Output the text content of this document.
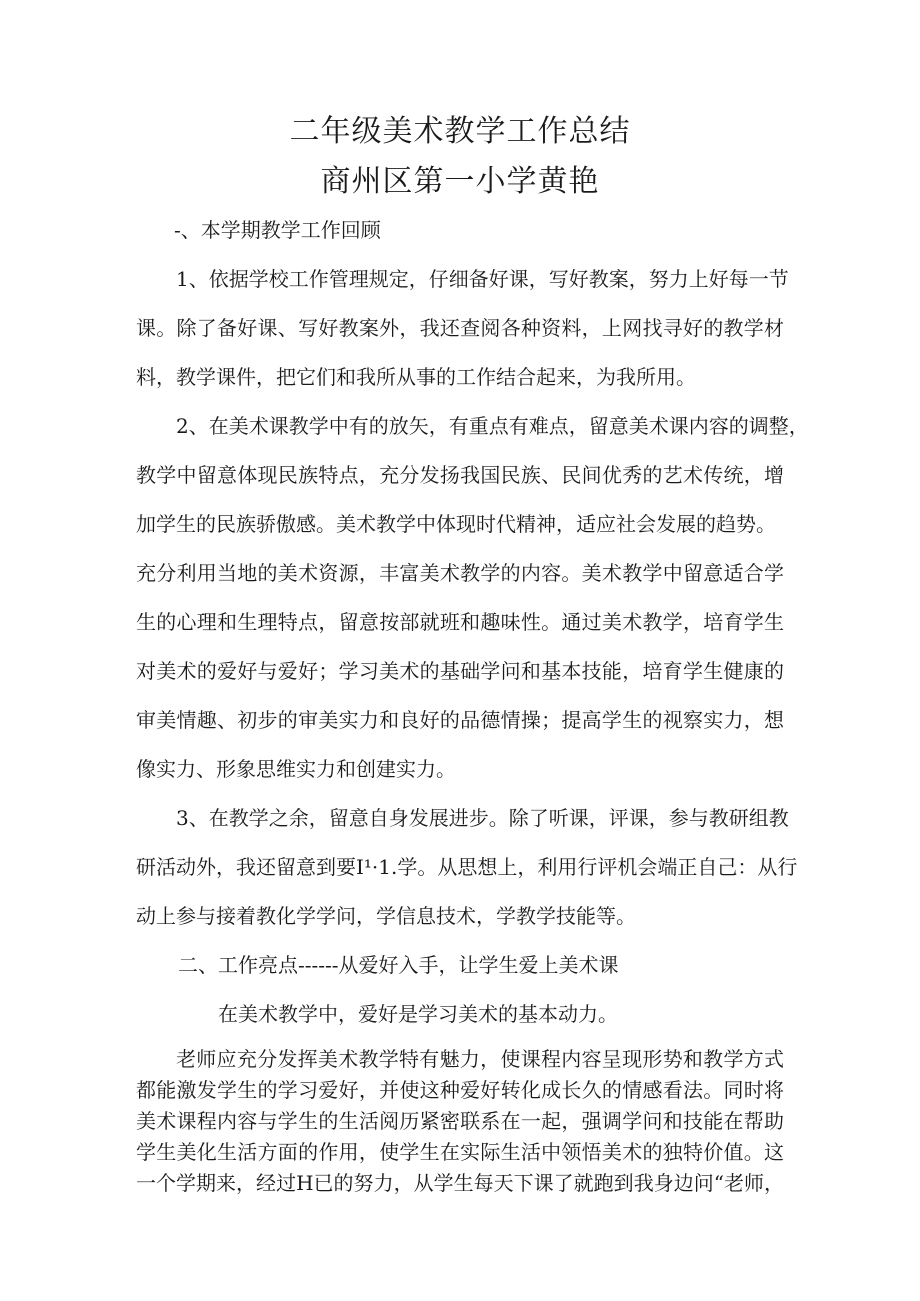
二年级美术教学工作总结
商州区第一小学黄艳
-、本学期教学工作回顾
1、依据学校工作管理规定，仔细备好课，写好教案，努力上好每一节
课。除了备好课、写好教案外，我还查阅各种资料，上网找寻好的教学材
料，教学课件，把它们和我所从事的工作结合起来，为我所用。
2、在美术课教学中有的放矢，有重点有难点，留意美术课内容的调整，
教学中留意体现民族特点，充分发扬我国民族、民间优秀的艺术传统，增
加学生的民族骄傲感。美术教学中体现时代精神，适应社会发展的趋势。
充分利用当地的美术资源，丰富美术教学的内容。美术教学中留意适合学
生的心理和生理特点，留意按部就班和趣味性。通过美术教学，培育学生
对美术的爱好与爱好；学习美术的基础学问和基本技能，培育学生健康的
审美情趣、初步的审美实力和良好的品德情操；提高学生的视察实力，想
像实力、形象思维实力和创建实力。
3、在教学之余，留意自身发展进步。除了听课，评课，参与教研组教
研活动外，我还留意到要I¹·1.学。从思想上，利用行评机会端正自己：从行
动上参与接着教化学学问，学信息技术，学教学技能等。
二、工作亮点------从爱好入手，让学生爱上美术课
在美术教学中，爱好是学习美术的基本动力。
老师应充分发挥美术教学特有魅力，使课程内容呈现形势和教学方式
都能激发学生的学习爱好，并使这种爱好转化成长久的情感看法。同时将
美术课程内容与学生的生活阅历紧密联系在一起，强调学问和技能在帮助
学生美化生活方面的作用，使学生在实际生活中领悟美术的独特价值。这
一个学期来，经过H已的努力，从学生每天下课了就跑到我身边问“老师，
